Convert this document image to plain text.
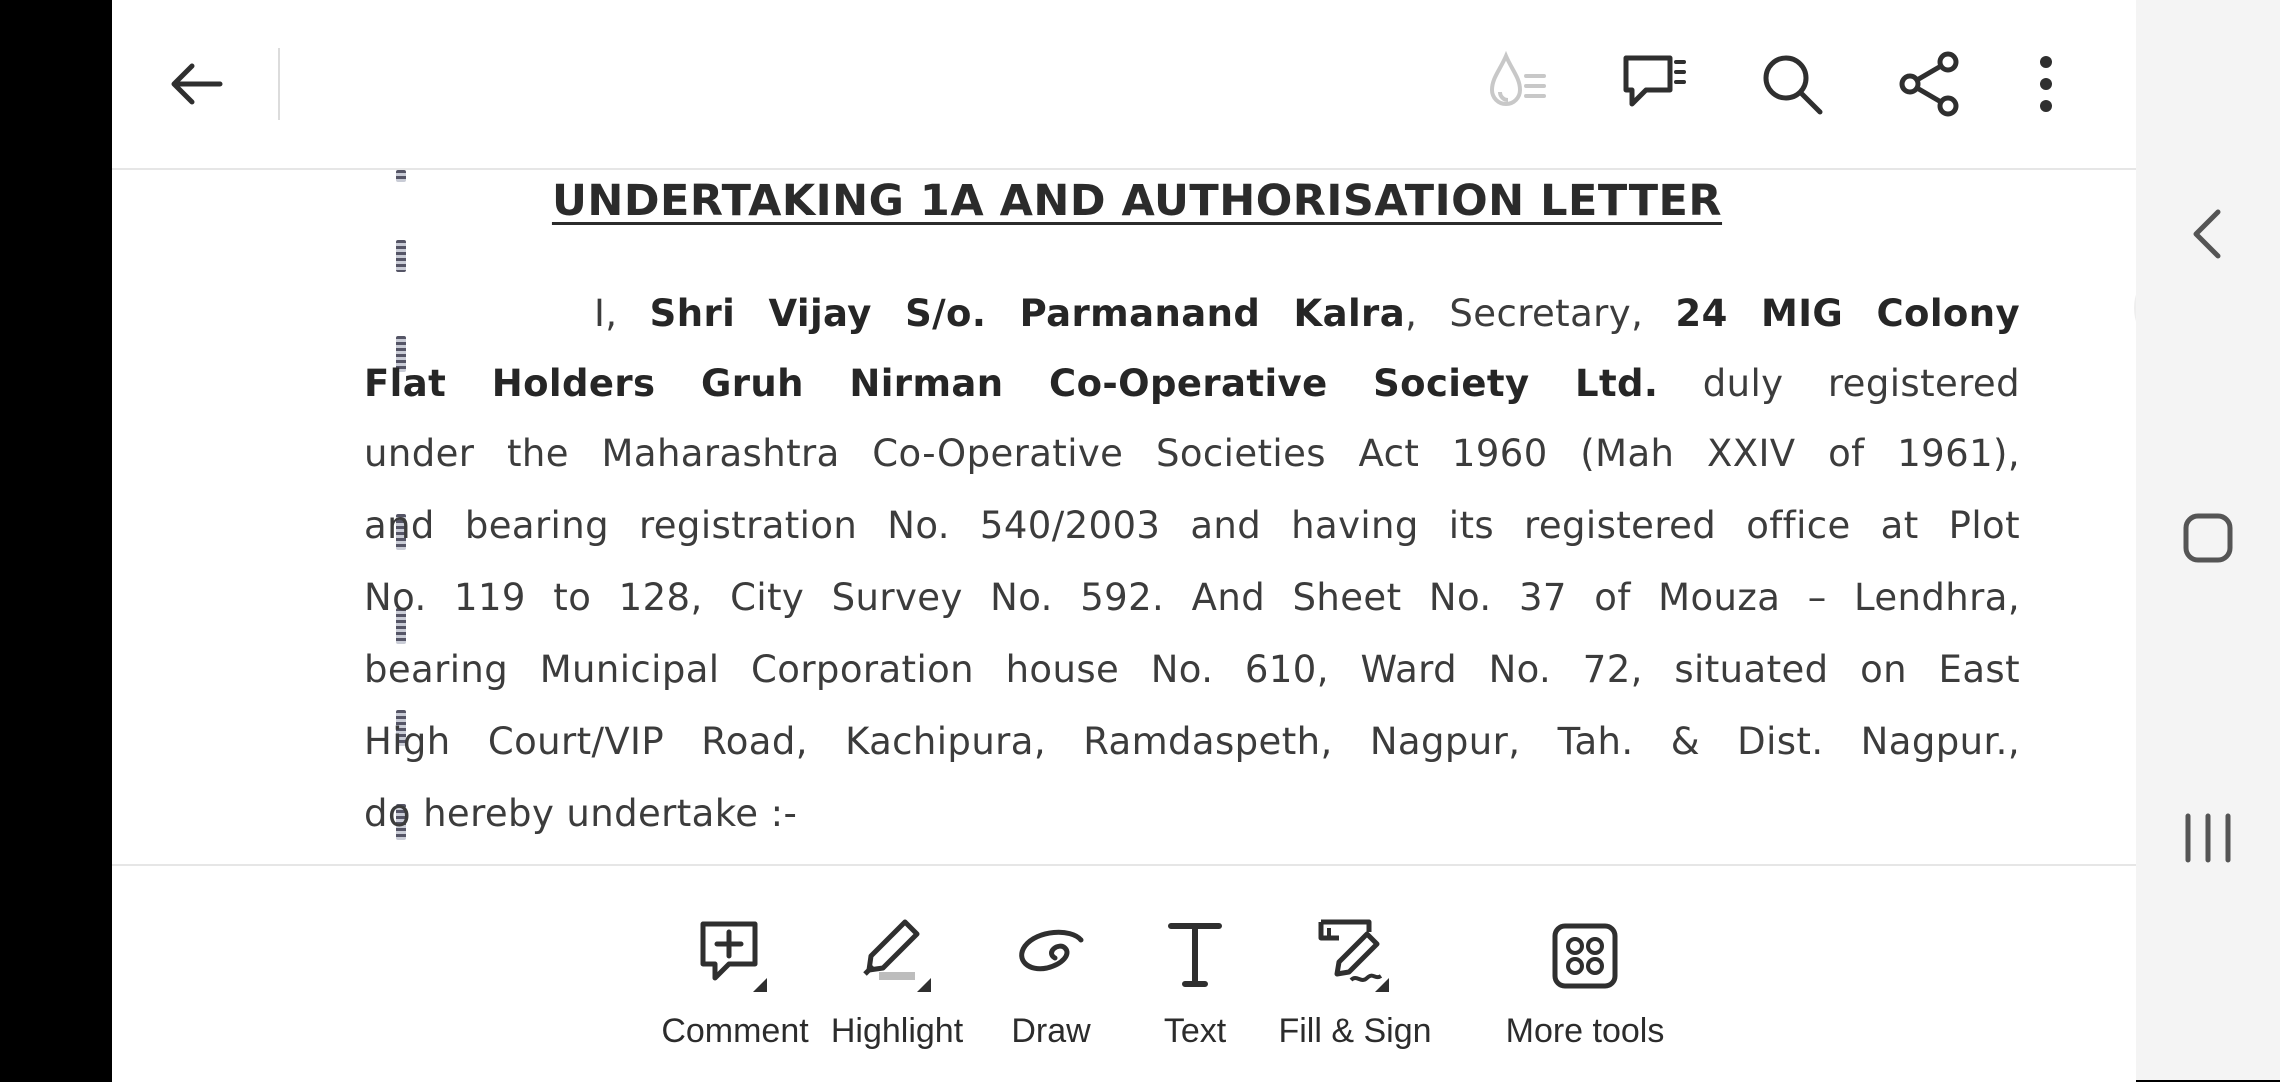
UNDERTAKING 1A AND AUTHORISATION LETTER
I, Shri Vijay S/o. Parmanand Kalra, Secretary, 24 MIG Colony
Flat Holders Gruh Nirman Co-Operative Society Ltd. duly registered
under the Maharashtra Co-Operative Societies Act 1960 (Mah XXIV of 1961),
and bearing registration No. 540/2003 and having its registered office at Plot
No. 119 to 128, City Survey No. 592. And Sheet No. 37 of Mouza – Lendhra,
bearing Municipal Corporation house No. 610, Ward No. 72, situated on East
High Court/VIP Road, Kachipura, Ramdaspeth, Nagpur, Tah. & Dist. Nagpur.,
do hereby undertake :-
Comment Highlight	Draw	Text	Fill & Sign	More tools
